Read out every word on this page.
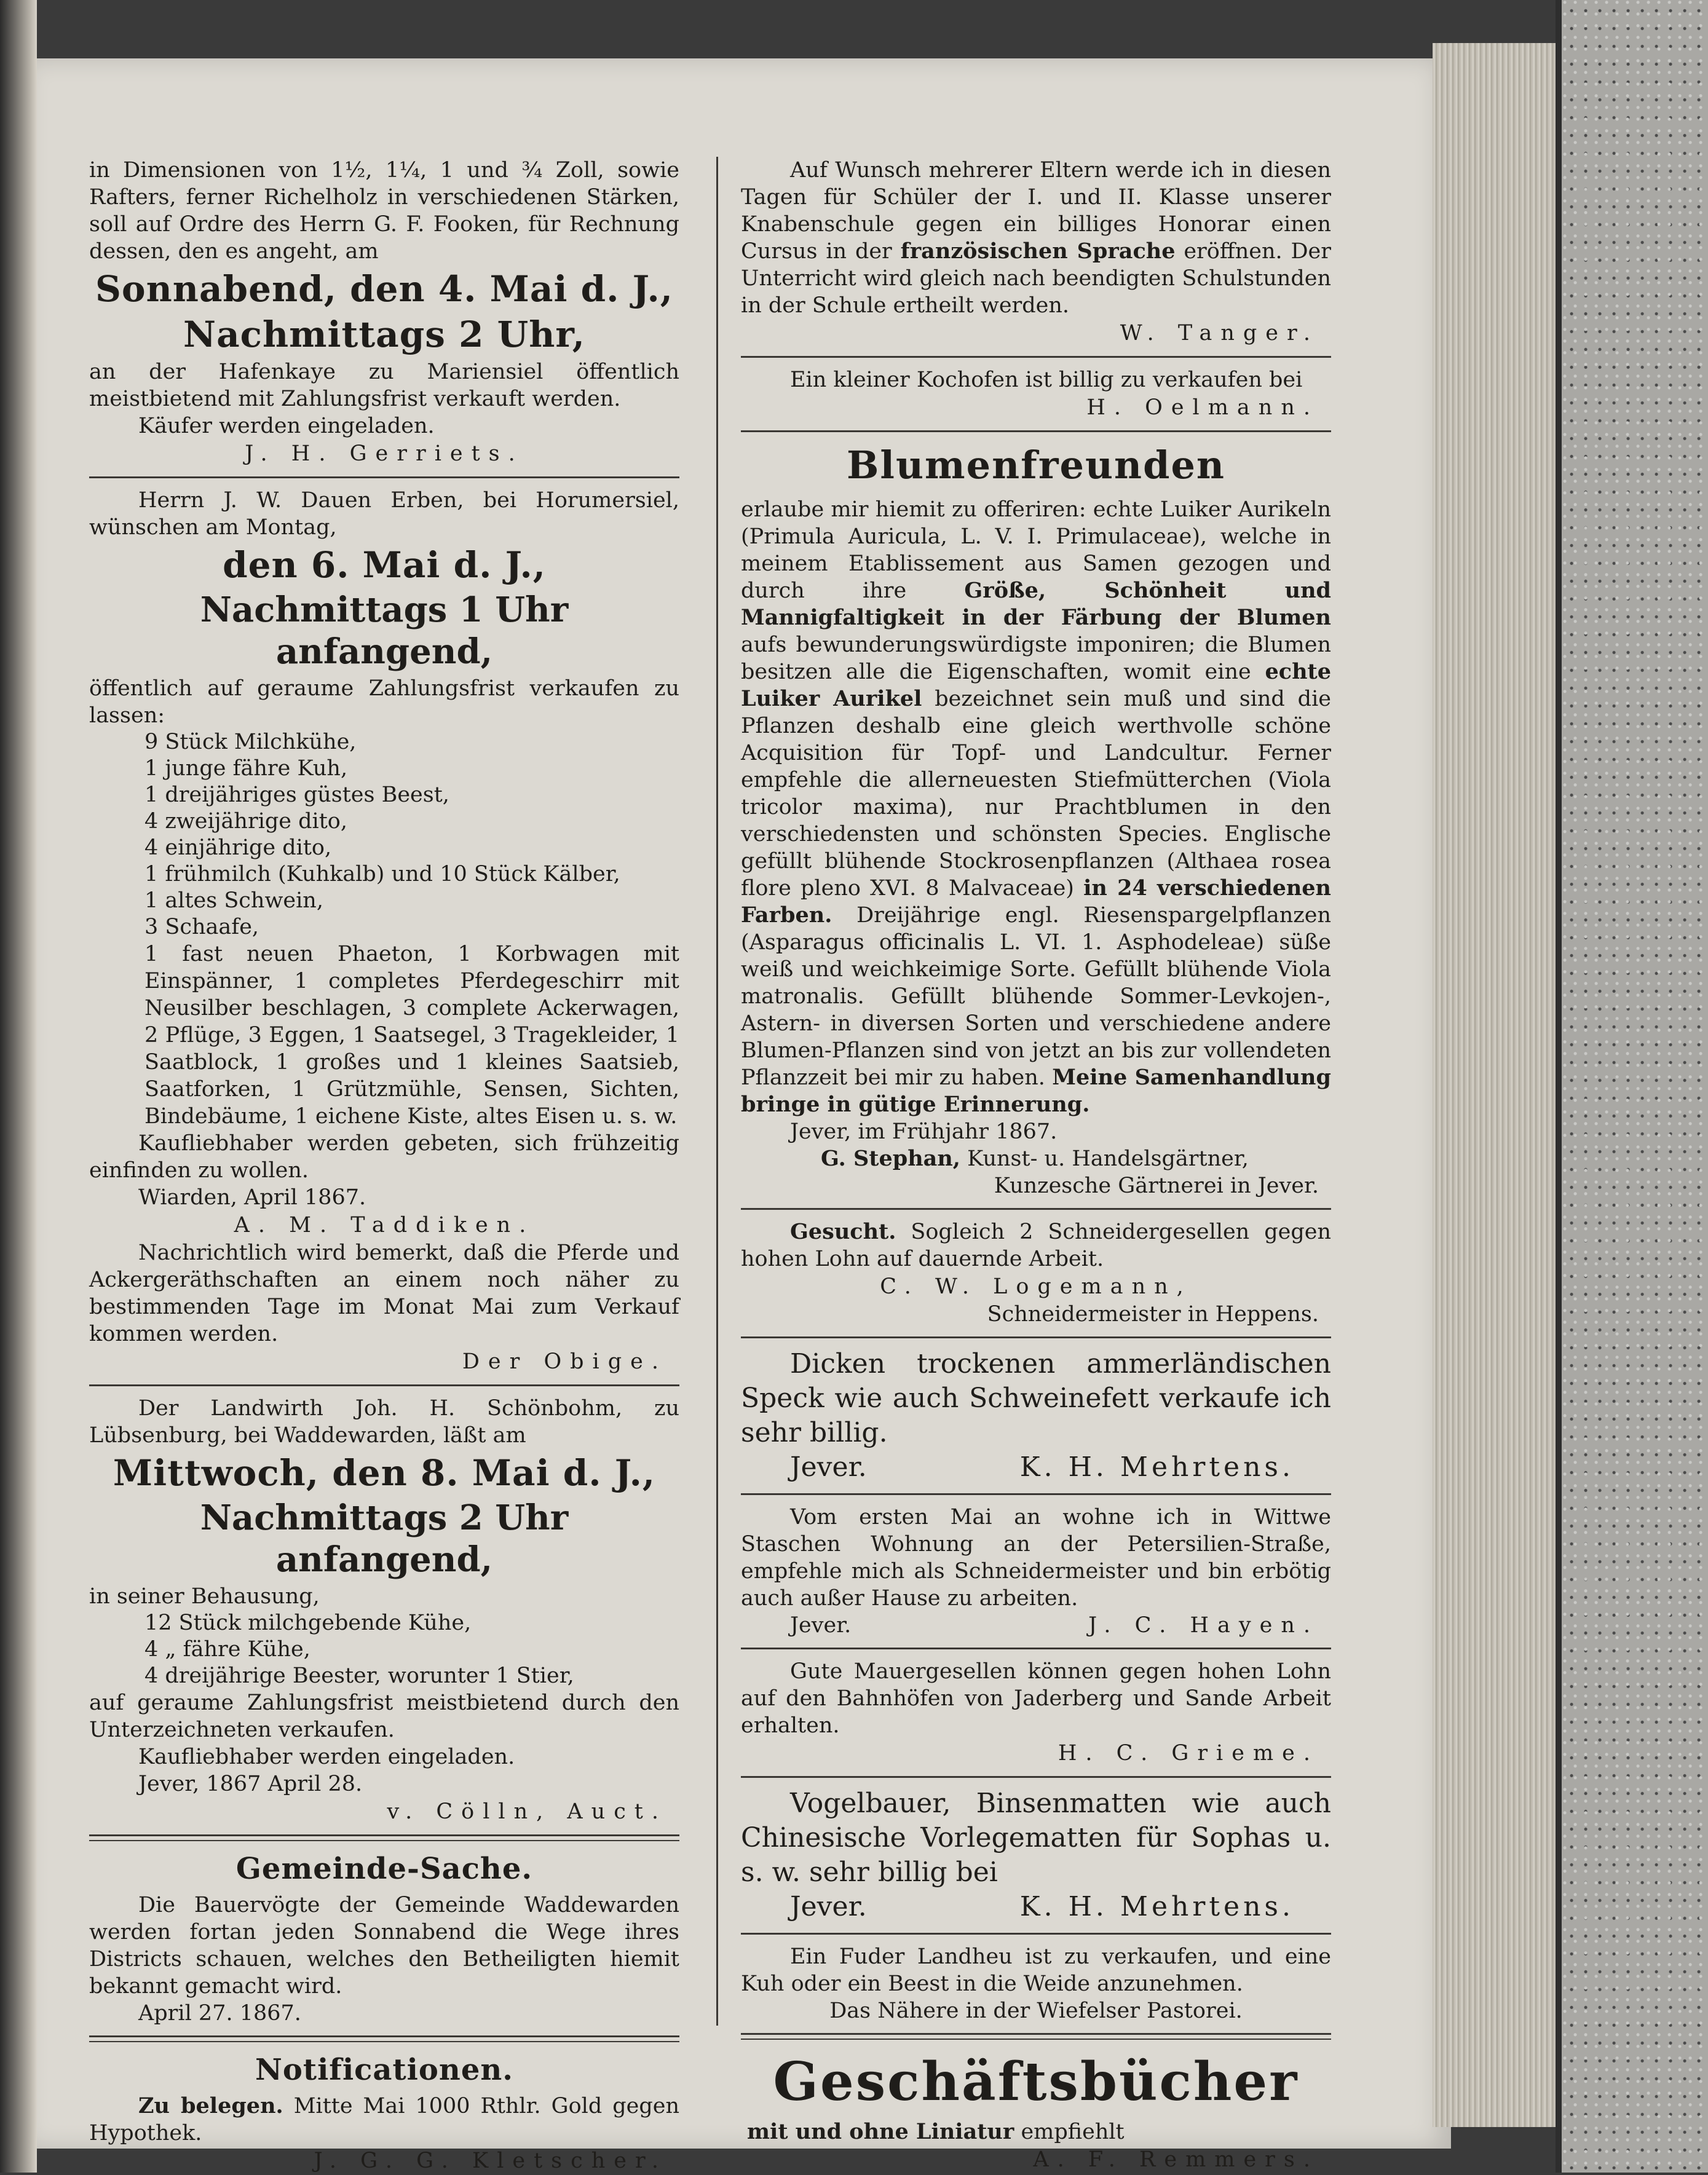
in Dimensionen von 1½, 1¼, 1 und ¾ Zoll, sowie Rafters, ferner Richelholz in verschiedenen Stärken, soll auf Ordre des Herrn G. F. Fooken, für Rechnung dessen, den es angeht, am

Sonnabend, den 4. Mai d. J.,

Nachmittags 2 Uhr,

an der Hafenkaye zu Mariensiel öffentlich meistbietend mit Zahlungsfrist verkauft werden.

Käufer werden eingeladen.

J. H. Gerriets.

Herrn J. W. Dauen Erben, bei Horumersiel, wünschen am Montag,

den 6. Mai d. J.,

Nachmittags 1 Uhr anfangend,

öffentlich auf geraume Zahlungsfrist verkaufen zu lassen:

9 Stück Milchkühe,

1 junge fähre Kuh,

1 dreijähriges güstes Beest,

4 zweijährige dito,

4 einjährige dito,

1 frühmilch (Kuhkalb) und 10 Stück Kälber,

1 altes Schwein,

3 Schaafe,

1 fast neuen Phaeton, 1 Korbwagen mit Einspänner, 1 completes Pferdegeschirr mit Neusilber beschlagen, 3 complete Ackerwagen, 2 Pflüge, 3 Eggen, 1 Saatsegel, 3 Tragekleider, 1 Saatblock, 1 großes und 1 kleines Saatsieb, Saatforken, 1 Grützmühle, Sensen, Sichten, Bindebäume, 1 eichene Kiste, altes Eisen u. s. w.

Kaufliebhaber werden gebeten, sich frühzeitig einfinden zu wollen.

Wiarden, April 1867.

A. M. Taddiken.

Nachrichtlich wird bemerkt, daß die Pferde und Ackergeräthschaften an einem noch näher zu bestimmenden Tage im Monat Mai zum Verkauf kommen werden.

Der Obige.

Der Landwirth Joh. H. Schönbohm, zu Lübsenburg, bei Waddewarden, läßt am

Mittwoch, den 8. Mai d. J.,

Nachmittags 2 Uhr anfangend,

in seiner Behausung,

12 Stück milchgebende Kühe,

4 „ fähre Kühe,

4 dreijährige Beester, worunter 1 Stier,

auf geraume Zahlungsfrist meistbietend durch den Unterzeichneten verkaufen.

Kaufliebhaber werden eingeladen.

Jever, 1867 April 28.

v. Cölln, Auct.

Gemeinde-Sache.

Die Bauervögte der Gemeinde Waddewarden werden fortan jeden Sonnabend die Wege ihres Districts schauen, welches den Betheiligten hiemit bekannt gemacht wird.

April 27. 1867.

Notificationen.

Zu belegen. Mitte Mai 1000 Rthlr. Gold gegen Hypothek.

J. G. G. Kletscher.

Auf Wunsch mehrerer Eltern werde ich in diesen Tagen für Schüler der I. und II. Klasse unserer Knabenschule gegen ein billiges Honorar einen Cursus in der französischen Sprache eröffnen. Der Unterricht wird gleich nach beendigten Schulstunden in der Schule ertheilt werden.

W. Tanger.

Ein kleiner Kochofen ist billig zu verkaufen bei

H. Oelmann.

Blumenfreunden

erlaube mir hiemit zu offeriren: echte Luiker Aurikeln (Primula Auricula, L. V. I. Primulaceae), welche in meinem Etablissement aus Samen gezogen und durch ihre	Größe, Schönheit und Mannigfaltigkeit in der Färbung der Blumen aufs bewunderungswürdigste imponiren; die Blumen besitzen alle die Eigenschaften, womit eine echte Luiker Aurikel bezeichnet sein muß und sind die Pflanzen deshalb eine gleich werthvolle schöne Acquisition für Topf- und Landcultur. Ferner empfehle die allerneuesten Stiefmütterchen (Viola tricolor maxima), nur Prachtblumen in den verschiedensten und schönsten Species. Englische gefüllt blühende Stockrosenpflanzen (Althaea rosea flore pleno XVI. 8 Malvaceae) in 24 verschiedenen Farben. Dreijährige engl. Riesenspargelpflanzen (Asparagus officinalis L. VI. 1. Asphodeleae) süße weiß und weichkeimige Sorte. Gefüllt blühende Viola matronalis. Gefüllt blühende Sommer-Levkojen-, Astern- in diversen Sorten und verschiedene andere Blumen-Pflanzen sind von jetzt an bis zur vollendeten Pflanzzeit bei mir zu haben. Meine Samenhandlung bringe in gütige Erinnerung.

Jever, im Frühjahr 1867.

G. Stephan, Kunst- u. Handelsgärtner,

Kunzesche Gärtnerei in Jever.

Gesucht. Sogleich 2 Schneidergesellen gegen hohen Lohn auf dauernde Arbeit.

C. W. Logemann,

Schneidermeister in Heppens.

Dicken trockenen ammerländischen Speck wie auch Schweinefett verkaufe ich sehr billig.

Jever.	K. H. Mehrtens.

Vom ersten Mai an wohne ich in Wittwe Staschen Wohnung an der Petersilien-Straße, empfehle mich als Schneidermeister und bin erbötig auch außer Hause zu arbeiten.

Jever.	J. C. Hayen.

Gute Mauergesellen können gegen hohen Lohn auf den Bahnhöfen von Jaderberg und Sande Arbeit erhalten.

H. C. Grieme.

Vogelbauer, Binsenmatten wie auch Chinesische Vorlegematten für Sophas u. s. w. sehr billig bei

Jever.	K. H. Mehrtens.

Ein Fuder Landheu ist zu verkaufen, und eine Kuh oder ein Beest in die Weide anzunehmen.

Das Nähere in der Wiefelser Pastorei.

Geschäftsbücher

mit und ohne Liniatur empfiehlt

A. F. Remmers.
